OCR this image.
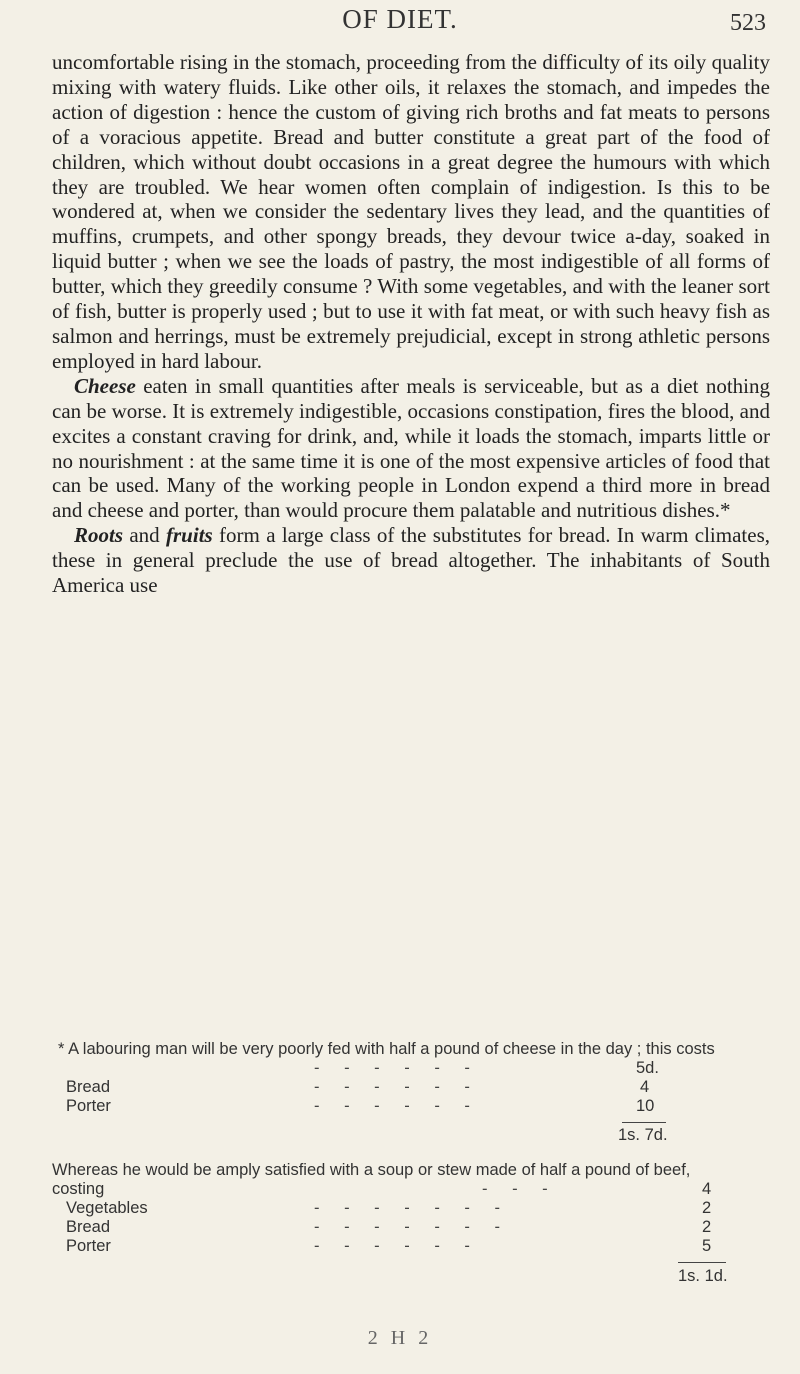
OF DIET.	523

uncomfortable rising in the stomach, proceeding from the difficulty of its oily quality mixing with watery fluids. Like other oils, it relaxes the stomach, and impedes the action of digestion : hence the custom of giving rich broths and fat meats to persons of a voracious appetite. Bread and butter constitute a great part of the food of children, which without doubt occasions in a great degree the humours with which they are troubled. We hear women often complain of indigestion. Is this to be wondered at, when we consider the sedentary lives they lead, and the quantities of muffins, crumpets, and other spongy breads, they devour twice a-day, soaked in liquid butter ; when we see the loads of pastry, the most indigestible of all forms of butter, which they greedily consume ? With some vegetables, and with the leaner sort of fish, butter is properly used ; but to use it with fat meat, or with such heavy fish as salmon and herrings, must be extremely prejudicial, except in strong athletic persons employed in hard labour.

Cheese eaten in small quantities after meals is serviceable, but as a diet nothing can be worse. It is extremely indigestible, occasions constipation, fires the blood, and excites a constant craving for drink, and, while it loads the stomach, imparts little or no nourishment : at the same time it is one of the most expensive articles of food that can be used. Many of the working people in London expend a third more in bread and cheese and porter, than would procure them palatable and nutritious dishes.*

Roots and fruits form a large class of the substitutes for bread. In warm climates, these in general preclude the use of bread altogether. The inhabitants of South America use

* A labouring man will be very poorly fed with half a pound of cheese in the day ; this costs
- - - - - -	5d.
Bread	- - - - - -	4
Porter	- - - - - -	10
1s. 7d.
Whereas he would be amply satisfied with a soup or stew made of half a pound of beef, costing	- - -	4
Vegetables	- - - - - - -	2
Bread	- - - - - - -	2
Porter	- - - - - -	5
1s. 1d.
2 H 2
